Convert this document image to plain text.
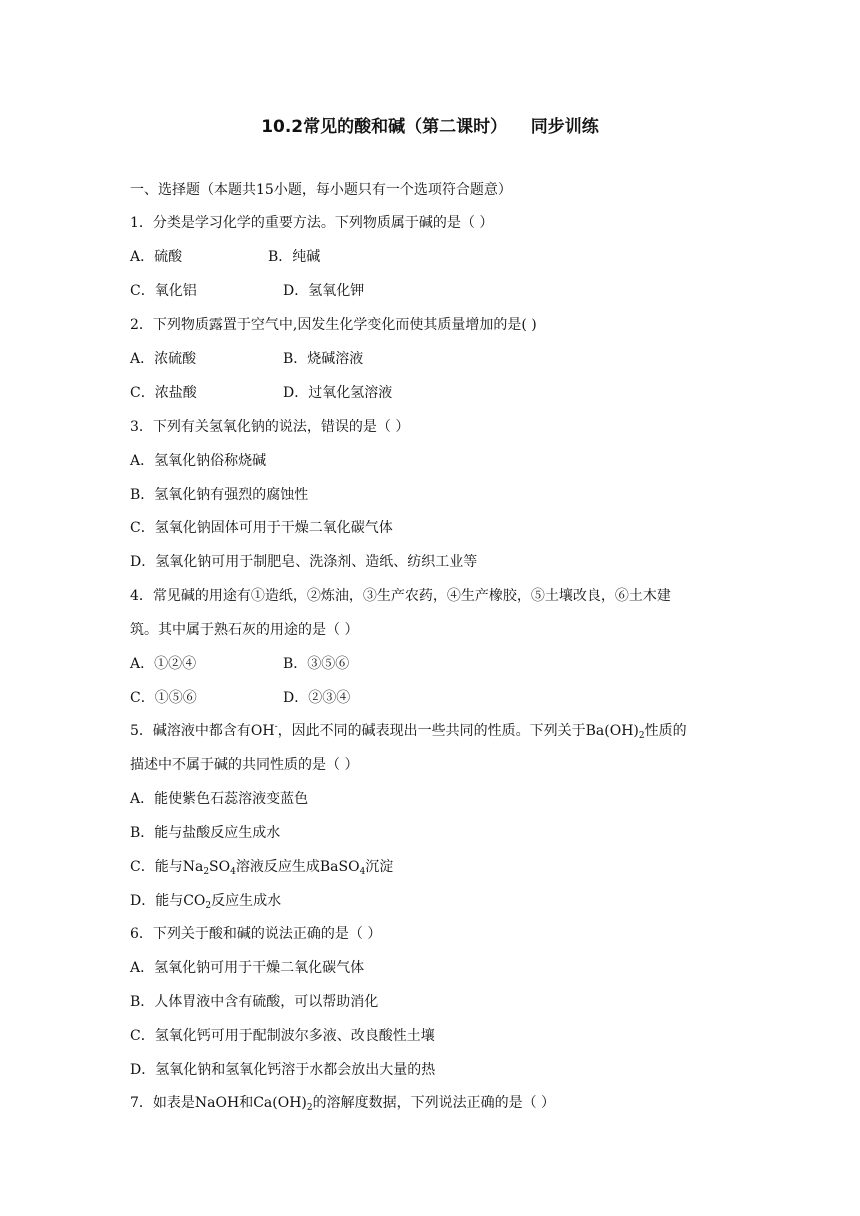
10.2常见的酸和碱（第二课时）    同步训练
一、选择题（本题共15小题，每小题只有一个选项符合题意）
1．分类是学习化学的重要方法。下列物质属于碱的是（ ）
A．硫酸	B．纯碱
C．氧化铝	D．氢氧化钾
2．下列物质露置于空气中,因发生化学变化而使其质量增加的是( )
A．浓硫酸	B．烧碱溶液
C．浓盐酸	D．过氧化氢溶液
3．下列有关氢氧化钠的说法，错误的是（ ）
A．氢氧化钠俗称烧碱
B．氢氧化钠有强烈的腐蚀性
C．氢氧化钠固体可用于干燥二氧化碳气体
D．氢氧化钠可用于制肥皂、洗涤剂、造纸、纺织工业等
4．常见碱的用途有①造纸，②炼油，③生产农药，④生产橡胶，⑤土壤改良，⑥土木建
筑。其中属于熟石灰的用途的是（ ）
A．①②④	B．③⑤⑥
C．①⑤⑥	D．②③④
5．碱溶液中都含有OH-，因此不同的碱表现出一些共同的性质。下列关于$Ba(OH)_2$性质的
描述中不属于碱的共同性质的是（ ）
A．能使紫色石蕊溶液变蓝色
B．能与盐酸反应生成水
C．能与$Na_2SO_4$溶液反应生成BaSO$_4$沉淀
D．能与$CO_2$反应生成水
6．下列关于酸和碱的说法正确的是（ ）
A．氢氧化钠可用于干燥二氧化碳气体
B．人体胃液中含有硫酸，可以帮助消化
C．氢氧化钙可用于配制波尔多液、改良酸性土壤
D．氢氧化钠和氢氧化钙溶于水都会放出大量的热
7．如表是NaOH和$Ca(OH)_2$的溶解度数据，下列说法正确的是（ ）
